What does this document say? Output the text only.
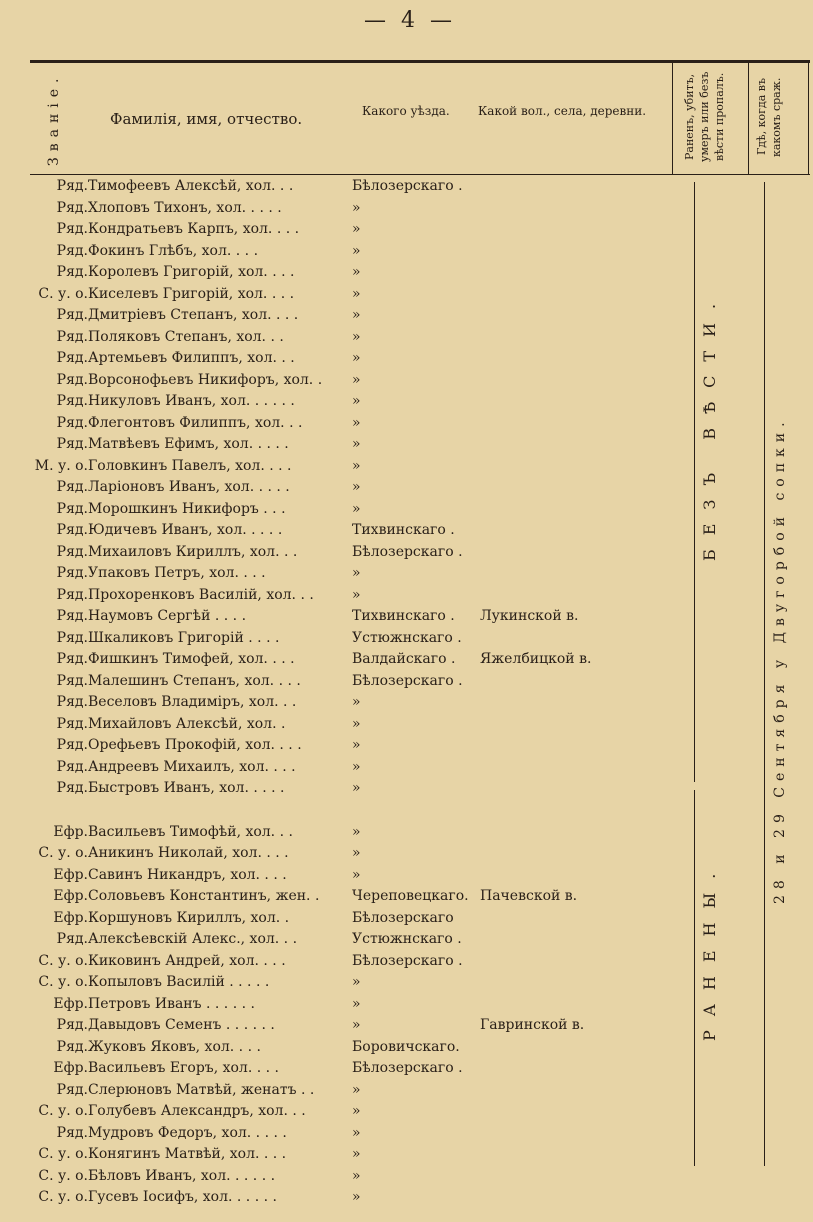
— 4 —
Званіе.	Фамилія, имя, отчество.	Какого уѣзда.	Какой вол., села, деревни.	Раненъ, убитъ, умеръ или безъ вѣсти пропалъ.	Гдѣ, когда въ какомъ сраж.
Ряд. Тимофеевъ Алексѣй, хол. . .	Бѣлозерскаго .
Ряд. Хлоповъ Тихонъ, хол. . . . .	»
Ряд. Кондратьевъ Карпъ, хол. . . .	»
Ряд. Фокинъ Глѣбъ, хол. . . .	»
Ряд. Королевъ Григорій, хол. . . .	»
С. у. о. Киселевъ Григорій, хол. . . .	»
Ряд. Дмитріевъ Степанъ, хол. . . .	»
Ряд. Поляковъ Степанъ, хол. . .	»
Ряд. Артемьевъ Филиппъ, хол. . .	»
Ряд. Ворсонофьевъ Никифоръ, хол. .	»
Ряд. Никуловъ Иванъ, хол. . . . . .	»
Ряд. Флегонтовъ Филиппъ, хол. . .	»
Ряд. Матвѣевъ Ефимъ, хол. . . . .	»
М. у. о. Головкинъ Павелъ, хол. . . .	»
Ряд. Ларіоновъ Иванъ, хол. . . . .	»
Ряд. Морошкинъ Никифоръ . . .	»
Ряд. Юдичевъ Иванъ, хол. . . . .	Тихвинскаго .
Ряд. Михаиловъ Кириллъ, хол. . .	Бѣлозерскаго .
Ряд. Упаковъ Петръ, хол. . . .	»
Ряд. Прохоренковъ Василій, хол. . .	»
Ряд. Наумовъ Сергѣй . . . .	Тихвинскаго .	Лукинской в.
Ряд. Шкаликовъ Григорій . . . .	Устюжнскаго .
Ряд. Фишкинъ Тимофей, хол. . . .	Валдайскаго .	Яжелбицкой в.
Ряд. Малешинъ Степанъ, хол. . . .	Бѣлозерскаго .
Ряд. Веселовъ Владиміръ, хол. . .	»
Ряд. Михайловъ Алексѣй, хол. .	»
Ряд. Орефьевъ Прокофій, хол. . . .	»
Ряд. Андреевъ Михаилъ, хол. . . .	»
Ряд. Быстровъ Иванъ, хол. . . . .	»
Ефр. Васильевъ Тимофѣй, хол. . .	»
С. у. о. Аникинъ Николай, хол. . . .	»
Ефр. Савинъ Никандръ, хол. . . .	»
Ефр. Соловьевъ Константинъ, жен. .	Череповецкаго. Пачевской в.
Ефр. Коршуновъ Кириллъ, хол. .	Бѣлозерскаго
Ряд. Алексѣевскій Алекс., хол. . .	Устюжнскаго .
С. у. о. Киковинъ Андрей, хол. . . .	Бѣлозерскаго .
С. у. о. Копыловъ Василій . . . . .	»
Ефр. Петровъ Иванъ . . . . . .	»
Ряд. Давыдовъ Семенъ . . . . . .	»	Гавринской в.
Ряд. Жуковъ Яковъ, хол. . . .	Боровичскаго.
Ефр. Васильевъ Егоръ, хол. . . .	Бѣлозерскаго .
Ряд. Слерюновъ Матвѣй, женатъ . .	»
С. у. о. Голубевъ Александръ, хол. . .	»
Ряд. Мудровъ Федоръ, хол. . . . .	»
С. у. о. Конягинъ Матвѣй, хол. . . .	»
С. у. о. Бѣловъ Иванъ, хол. . . . . .	»
С. у. о. Гусевъ Іосифъ, хол. . . . . .	»
БЕЗЪ ВѢСТИ.
РАНЕНЫ.
28 и 29 Сентября у Двугорбой сопки.
